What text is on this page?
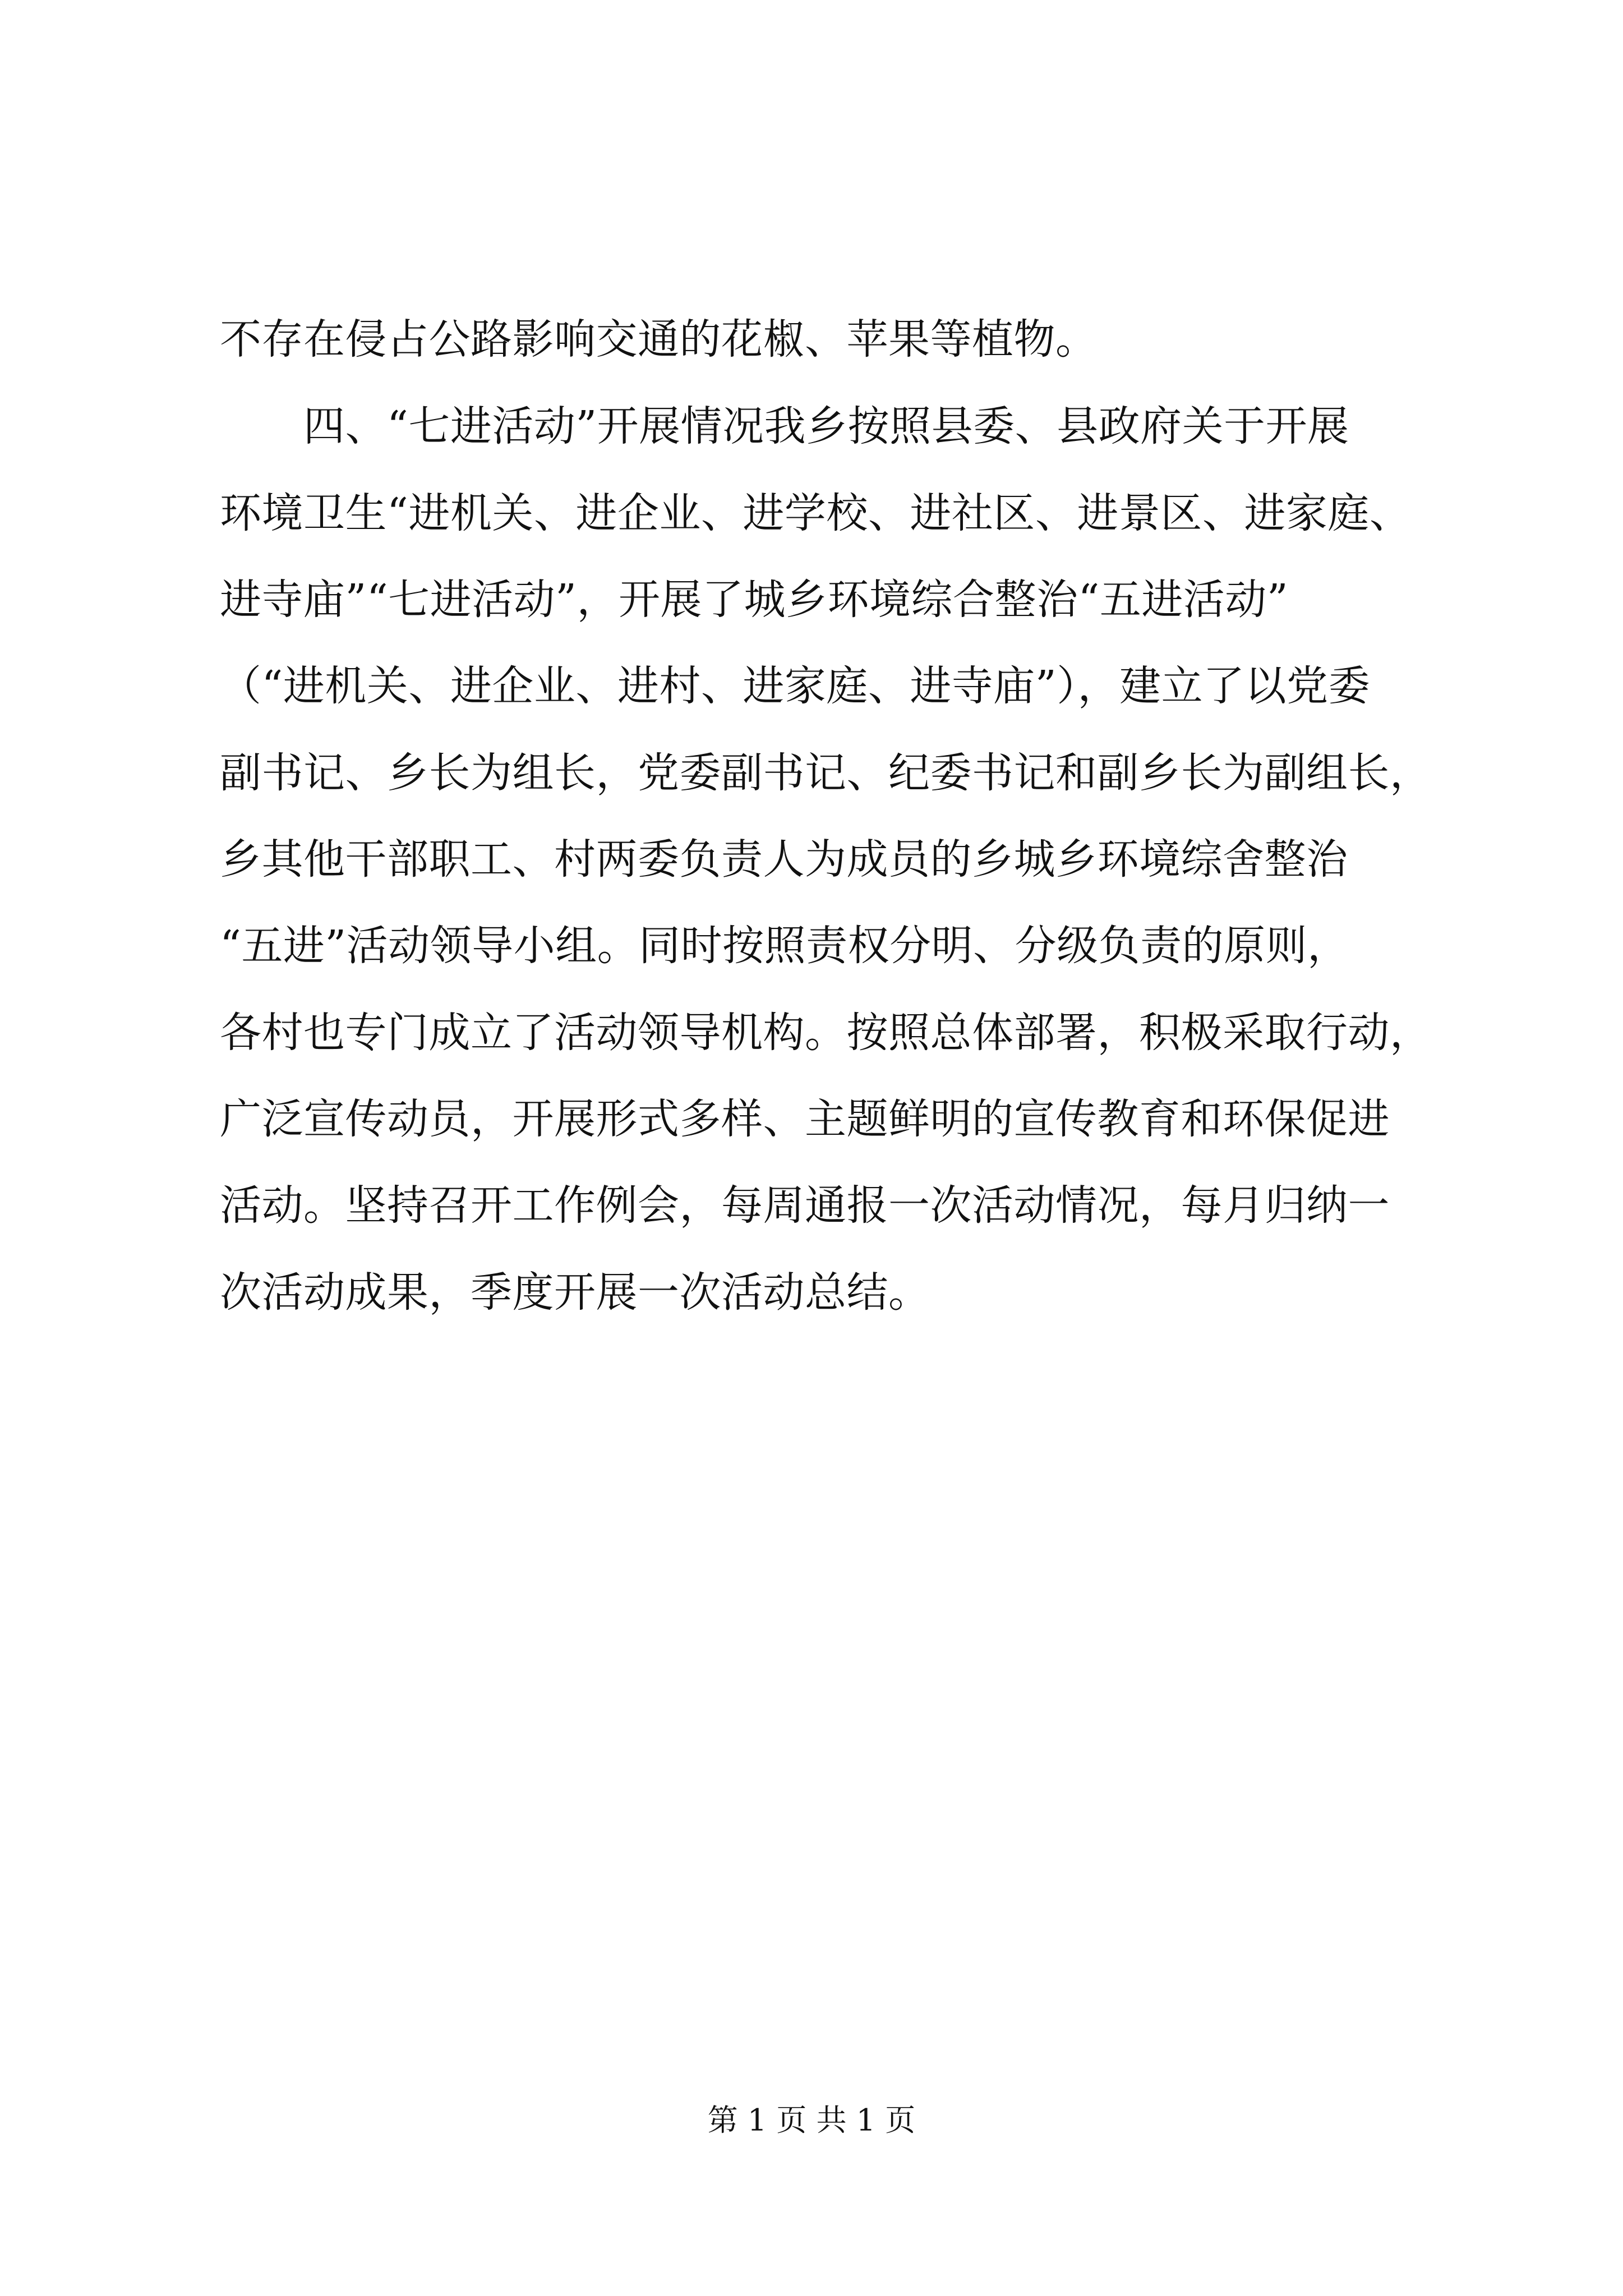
不存在侵占公路影响交通的花椒、苹果等植物。
　　四、“七进活动”开展情况我乡按照县委、县政府关于开展
环境卫生“进机关、进企业、进学校、进社区、进景区、进家庭、
进寺庙”“七进活动”，开展了城乡环境综合整治“五进活动”
（“进机关、进企业、进村、进家庭、进寺庙”），建立了以党委
副书记、乡长为组长，党委副书记、纪委书记和副乡长为副组长，
乡其他干部职工、村两委负责人为成员的乡城乡环境综舍整治
“五进”活动领导小组。同时按照责权分明、分级负责的原则，
各村也专门成立了活动领导机构。按照总体部署，积极采取行动，
广泛宣传动员，开展形式多样、主题鲜明的宣传教育和环保促进
活动。坚持召开工作例会，每周通报一次活动情况，每月归纳一
次活动成果，季度开展一次活动总结。
第 1 页 共 1 页
